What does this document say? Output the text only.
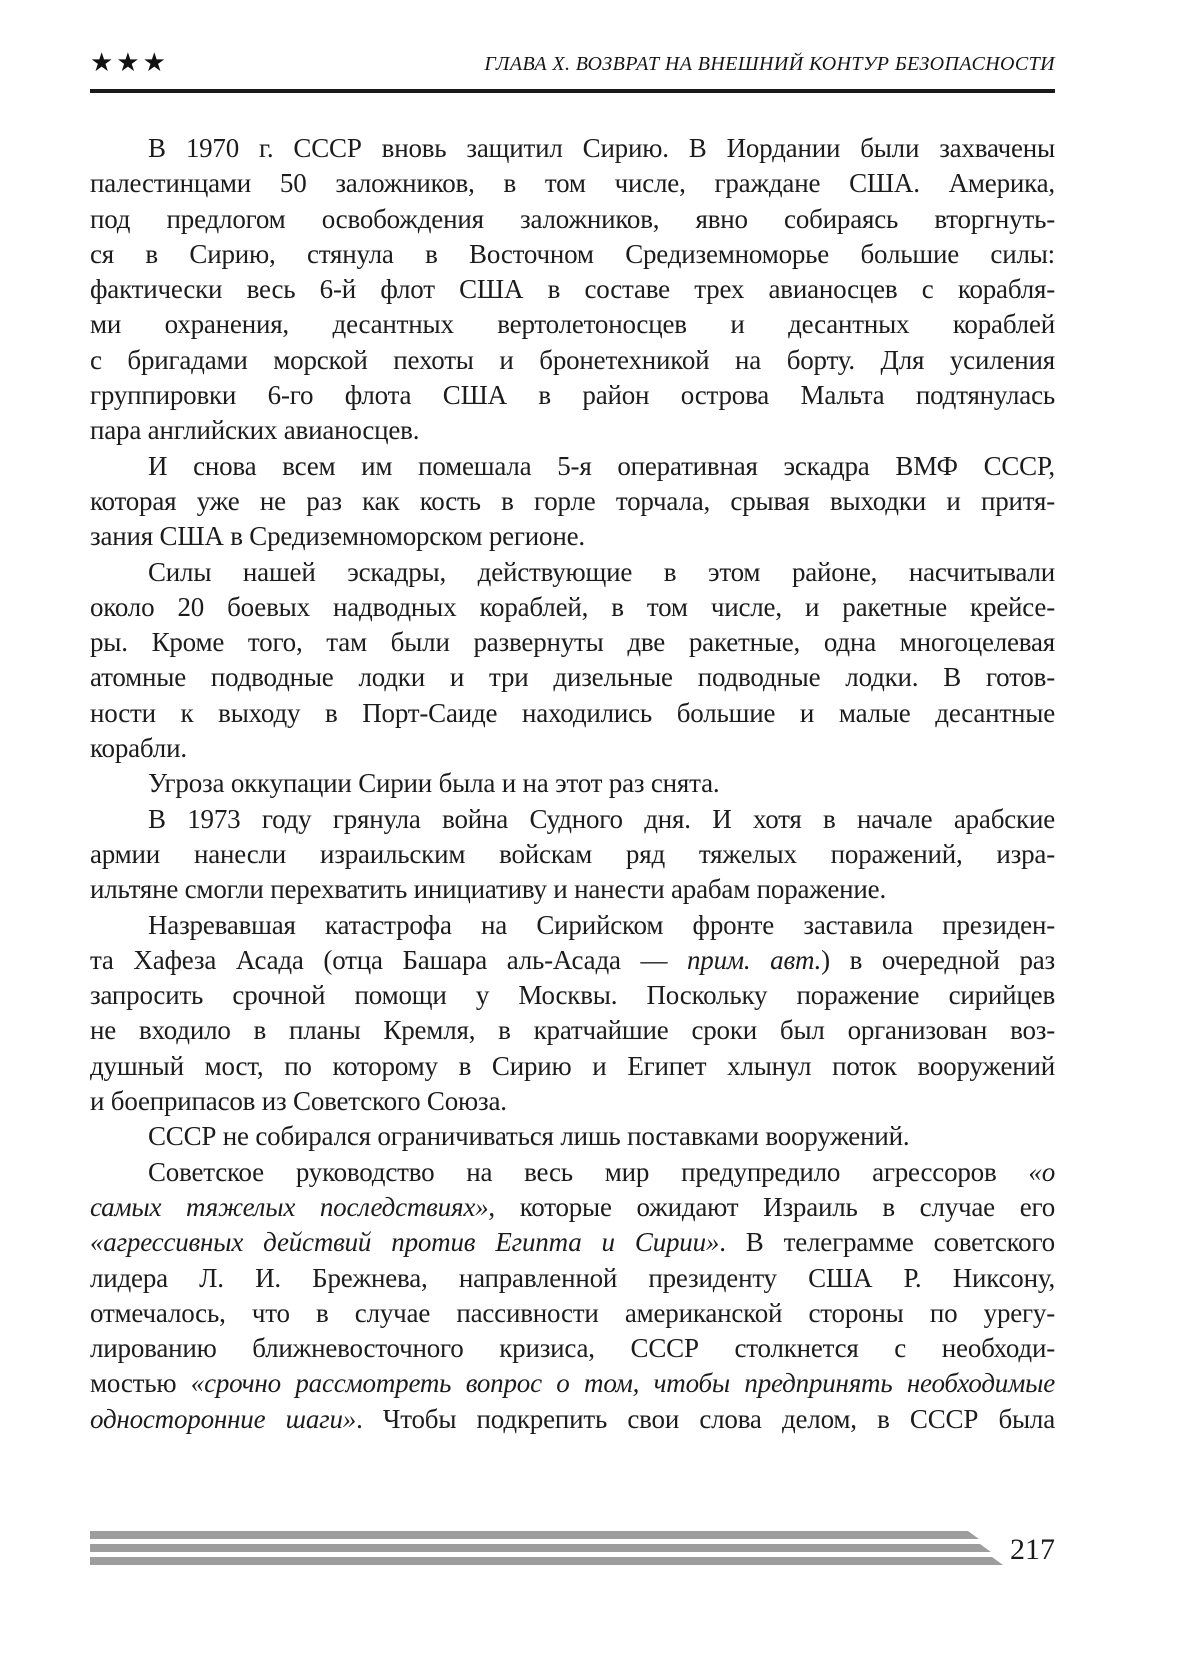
★★★	ГЛАВА X. ВОЗВРАТ НА ВНЕШНИЙ КОНТУР БЕЗОПАСНОСТИ
В 1970 г. СССР вновь защитил Сирию. В Иордании были захвачены
палестинцами 50 заложников, в том числе, граждане США. Америка,
под предлогом освобождения заложников, явно собираясь вторгнуть-
ся в Сирию, стянула в Восточном Средиземноморье большие силы:
фактически весь 6-й флот США в составе трех авианосцев с корабля-
ми охранения, десантных вертолетоносцев и десантных кораблей
с бригадами морской пехоты и бронетехникой на борту. Для усиления
группировки 6-го флота США в район острова Мальта подтянулась
пара английских авианосцев.
И снова всем им помешала 5-я оперативная эскадра ВМФ СССР,
которая уже не раз как кость в горле торчала, срывая выходки и притя-
зания США в Средиземноморском регионе.
Силы нашей эскадры, действующие в этом районе, насчитывали
около 20 боевых надводных кораблей, в том числе, и ракетные крейсе-
ры. Кроме того, там были развернуты две ракетные, одна многоцелевая
атомные подводные лодки и три дизельные подводные лодки. В готов-
ности к выходу в Порт-Саиде находились большие и малые десантные
корабли.
Угроза оккупации Сирии была и на этот раз снята.
В 1973 году грянула война Судного дня. И хотя в начале арабские
армии нанесли израильским войскам ряд тяжелых поражений, изра-
ильтяне смогли перехватить инициативу и нанести арабам поражение.
Назревавшая катастрофа на Сирийском фронте заставила президен-
та Хафеза Асада (отца Башара аль-Асада — прим. авт.) в очередной раз
запросить срочной помощи у Москвы. Поскольку поражение сирийцев
не входило в планы Кремля, в кратчайшие сроки был организован воз-
душный мост, по которому в Сирию и Египет хлынул поток вооружений
и боеприпасов из Советского Союза.
СССР не собирался ограничиваться лишь поставками вооружений.
Советское руководство на весь мир предупредило агрессоров «о
самых тяжелых последствиях», которые ожидают Израиль в случае его
«агрессивных действий против Египта и Сирии». В телеграмме советского
лидера Л. И. Брежнева, направленной президенту США Р. Никсону,
отмечалось, что в случае пассивности американской стороны по урегу-
лированию ближневосточного кризиса, СССР столкнется с необходи-
мостью «срочно рассмотреть вопрос о том, чтобы предпринять необходимые
односторонние шаги». Чтобы подкрепить свои слова делом, в СССР была
217
